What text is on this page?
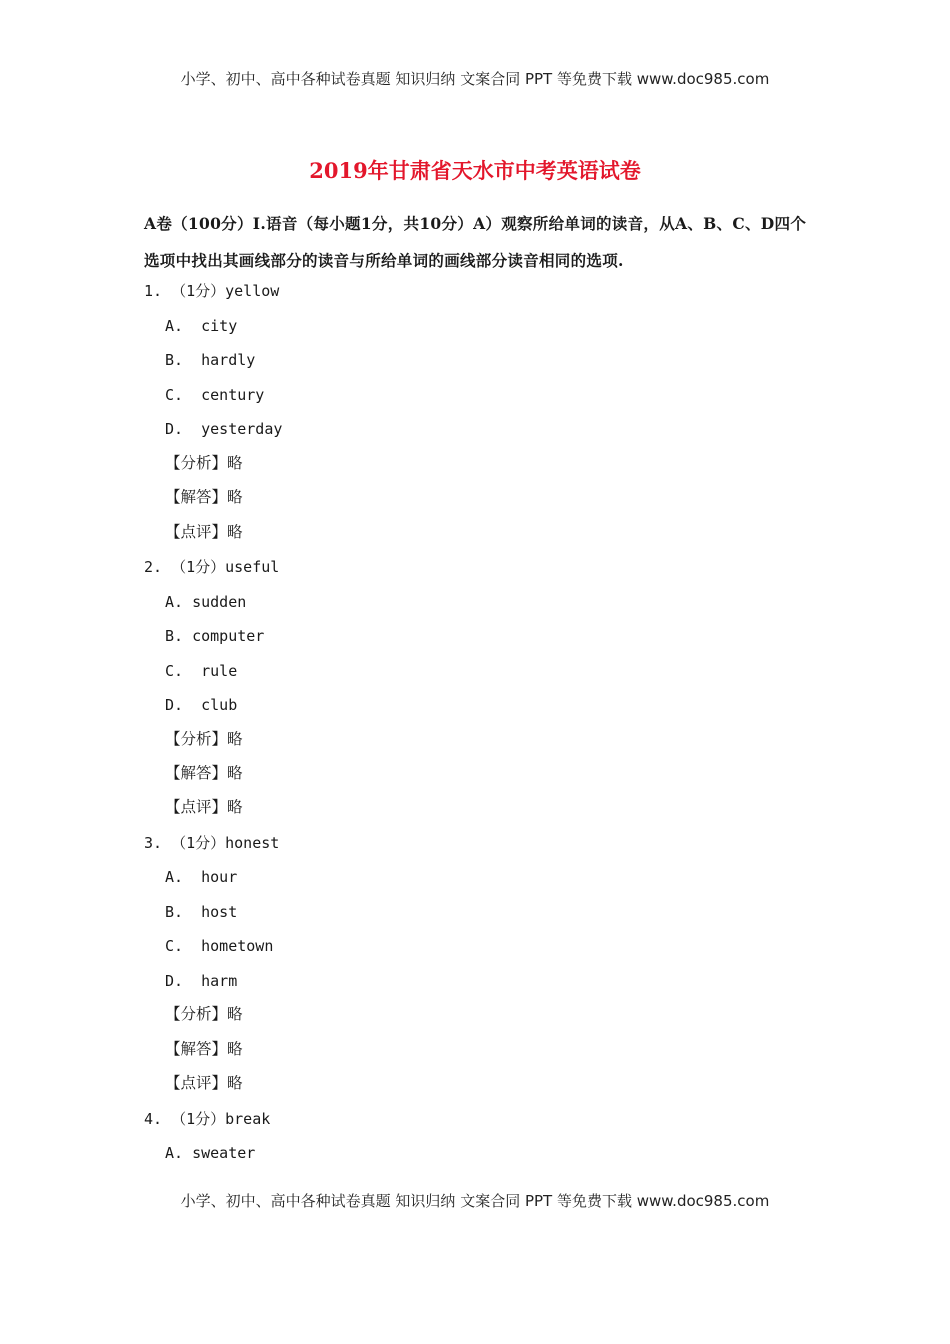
小学、初中、高中各种试卷真题 知识归纳 文案合同 PPT 等免费下载 www.doc985.com
2019年甘肃省天水市中考英语试卷
A卷（100分）Ⅰ.语音（每小题1分，共10分）A）观察所给单词的读音，从A、B、C、D四个选项中找出其画线部分的读音与所给单词的画线部分读音相同的选项.
1. （1分）yellow
A.  city
B.  hardly
C.  century
D.  yesterday
【分析】略
【解答】略
【点评】略
2. （1分）useful
A. sudden
B. computer
C.  rule
D.  club
【分析】略
【解答】略
【点评】略
3. （1分）honest
A.  hour
B.  host
C.  hometown
D.  harm
【分析】略
【解答】略
【点评】略
4. （1分）break
A. sweater
小学、初中、高中各种试卷真题 知识归纳 文案合同 PPT 等免费下载 www.doc985.com
